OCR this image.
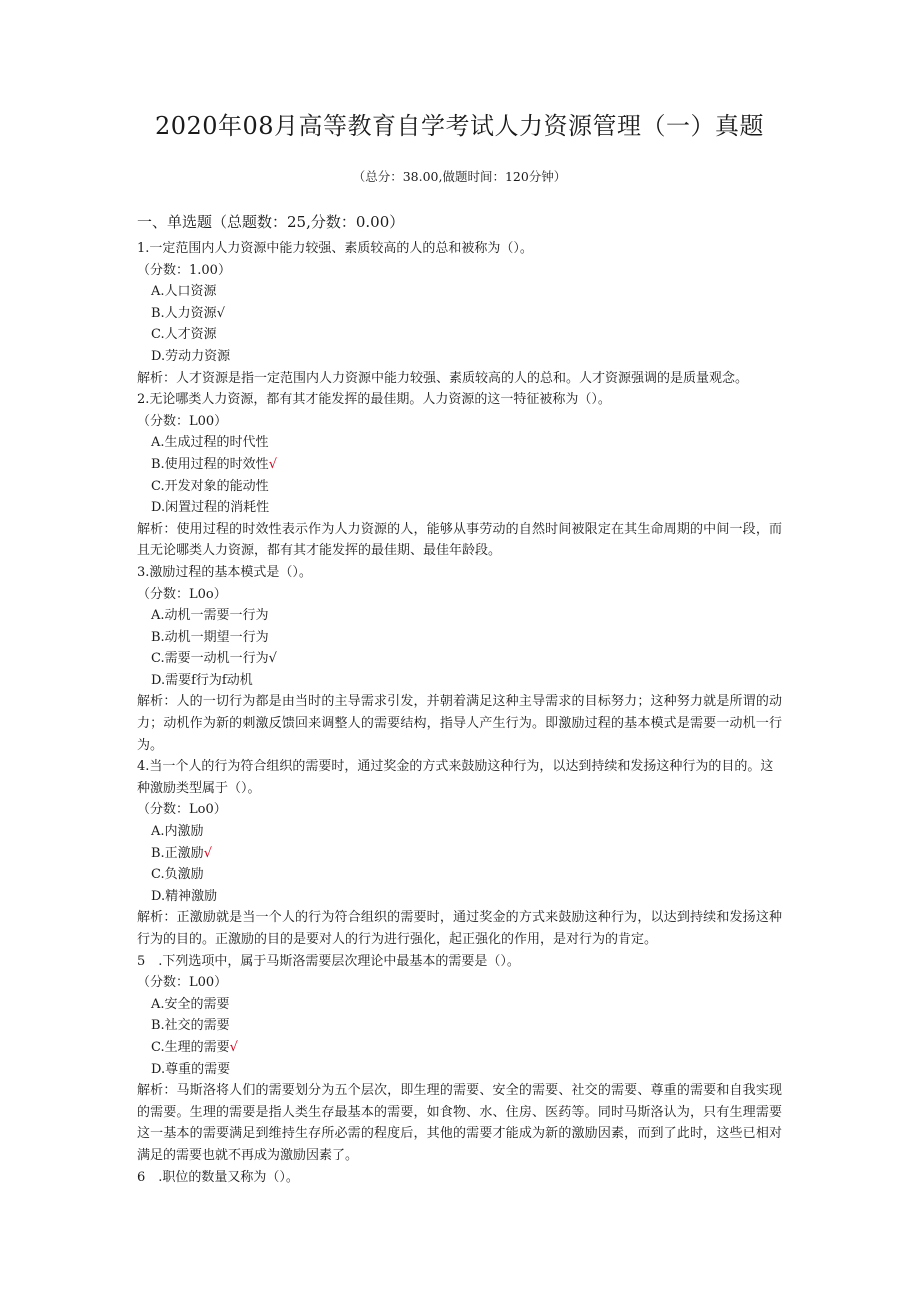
2020年08月高等教育自学考试人力资源管理（一）真题
（总分：38.00,做题时间：120分钟）
一、单选题（总题数：25,分数：0.00）
1.一定范围内人力资源中能力较强、素质较高的人的总和被称为（）。
（分数：1.00）
A.人口资源
B.人力资源√
C.人才资源
D.劳动力资源
解析：人才资源是指一定范围内人力资源中能力较强、素质较高的人的总和。人才资源强调的是质量观念。
2.无论哪类人力资源，都有其才能发挥的最佳期。人力资源的这一特征被称为（）。
（分数：L00）
A.生成过程的时代性
B.使用过程的时效性√
C.开发对象的能动性
D.闲置过程的消耗性
解析：使用过程的时效性表示作为人力资源的人，能够从事劳动的自然时间被限定在其生命周期的中间一段，而且无论哪类人力资源，都有其才能发挥的最佳期、最佳年龄段。
3.激励过程的基本模式是（）。
（分数：L0o）
A.动机一需要一行为
B.动机一期望一行为
C.需要一动机一行为√
D.需要f行为f动机
解析：人的一切行为都是由当时的主导需求引发，并朝着满足这种主导需求的目标努力；这种努力就是所谓的动力；动机作为新的刺激反馈回来调整人的需要结构，指导人产生行为。即激励过程的基本模式是需要一动机一行为。
4.当一个人的行为符合组织的需要时，通过奖金的方式来鼓励这种行为，以达到持续和发扬这种行为的目的。这种激励类型属于（）。
（分数：Lo0）
A.内激励
B.正激励√
C.负激励
D.精神激励
解析：正激励就是当一个人的行为符合组织的需要时，通过奖金的方式来鼓励这种行为，以达到持续和发扬这种行为的目的。正激励的目的是要对人的行为进行强化，起正强化的作用，是对行为的肯定。
5　.下列选项中，属于马斯洛需要层次理论中最基本的需要是（）。
（分数：L00）
A.安全的需要
B.社交的需要
C.生理的需要√
D.尊重的需要
解析：马斯洛将人们的需要划分为五个层次，即生理的需要、安全的需要、社交的需要、尊重的需要和自我实现的需要。生理的需要是指人类生存最基本的需要，如食物、水、住房、医药等。同时马斯洛认为，只有生理需要这一基本的需要满足到维持生存所必需的程度后，其他的需要才能成为新的激励因素，而到了此时，这些已相对满足的需要也就不再成为激励因素了。
6　.职位的数量又称为（）。
